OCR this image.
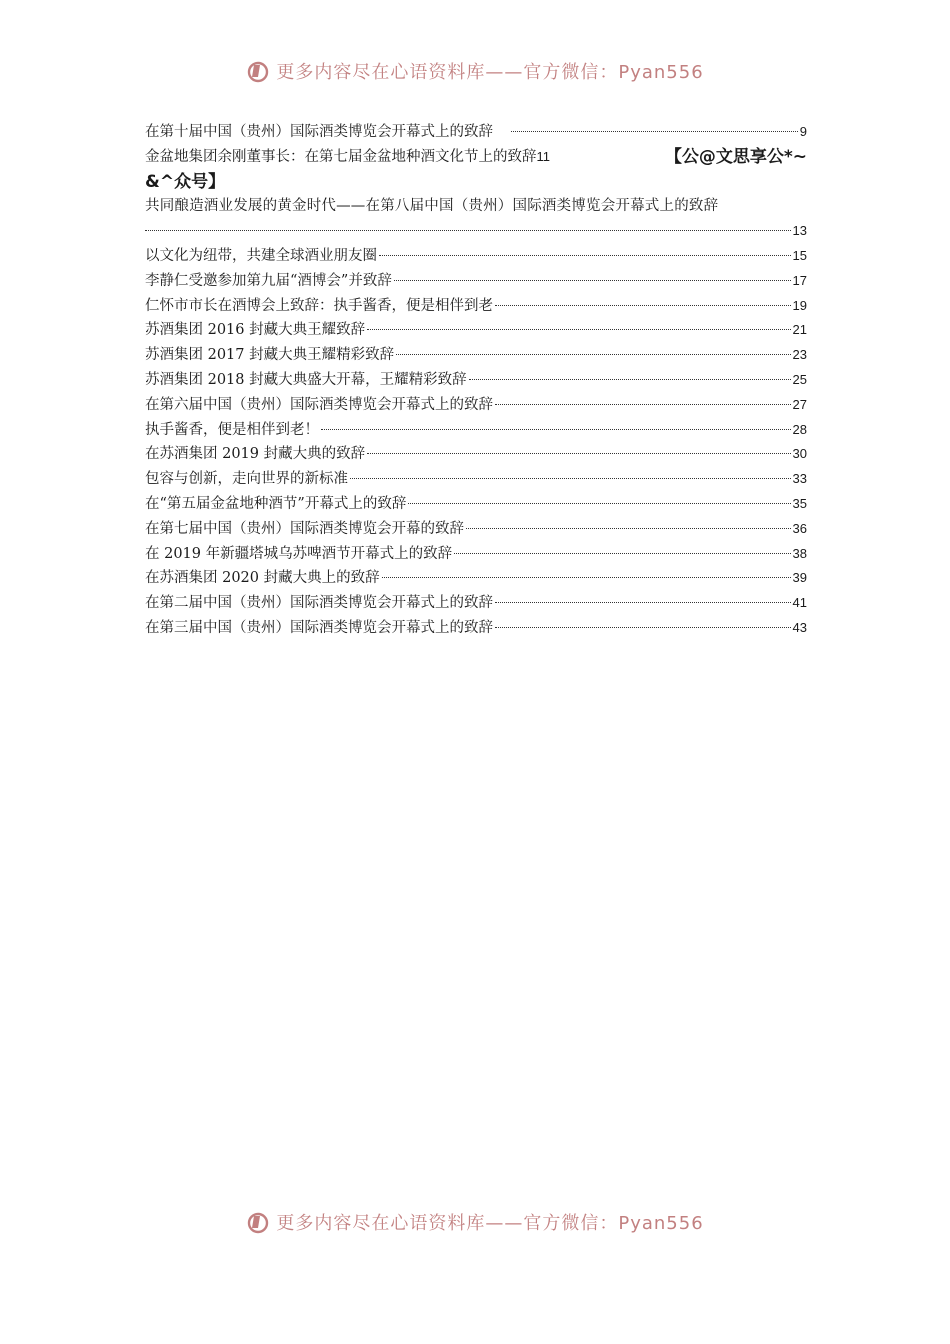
更多内容尽在心语资料库——官方微信：Pyan556
在第十届中国（贵州）国际酒类博览会开幕式上的致辞	9
金盆地集团余刚董事长：在第七届金盆地种酒文化节上的致辞11	【公@文思享公*~
&^众号】
共同酿造酒业发展的黄金时代——在第八届中国（贵州）国际酒类博览会开幕式上的致辞
13
以文化为纽带，共建全球酒业朋友圈	15
李静仁受邀参加第九届“酒博会”并致辞	17
仁怀市市长在酒博会上致辞：执手酱香，便是相伴到老	19
苏酒集团 2016 封藏大典王耀致辞	21
苏酒集团 2017 封藏大典王耀精彩致辞	23
苏酒集团 2018 封藏大典盛大开幕，王耀精彩致辞	25
在第六届中国（贵州）国际酒类博览会开幕式上的致辞	27
执手酱香，便是相伴到老！	28
在苏酒集团 2019 封藏大典的致辞	30
包容与创新，走向世界的新标准	33
在“第五届金盆地种酒节”开幕式上的致辞	35
在第七届中国（贵州）国际酒类博览会开幕的致辞	36
在 2019 年新疆塔城乌苏啤酒节开幕式上的致辞	38
在苏酒集团 2020 封藏大典上的致辞	39
在第二届中国（贵州）国际酒类博览会开幕式上的致辞	41
在第三届中国（贵州）国际酒类博览会开幕式上的致辞	43
更多内容尽在心语资料库——官方微信：Pyan556
